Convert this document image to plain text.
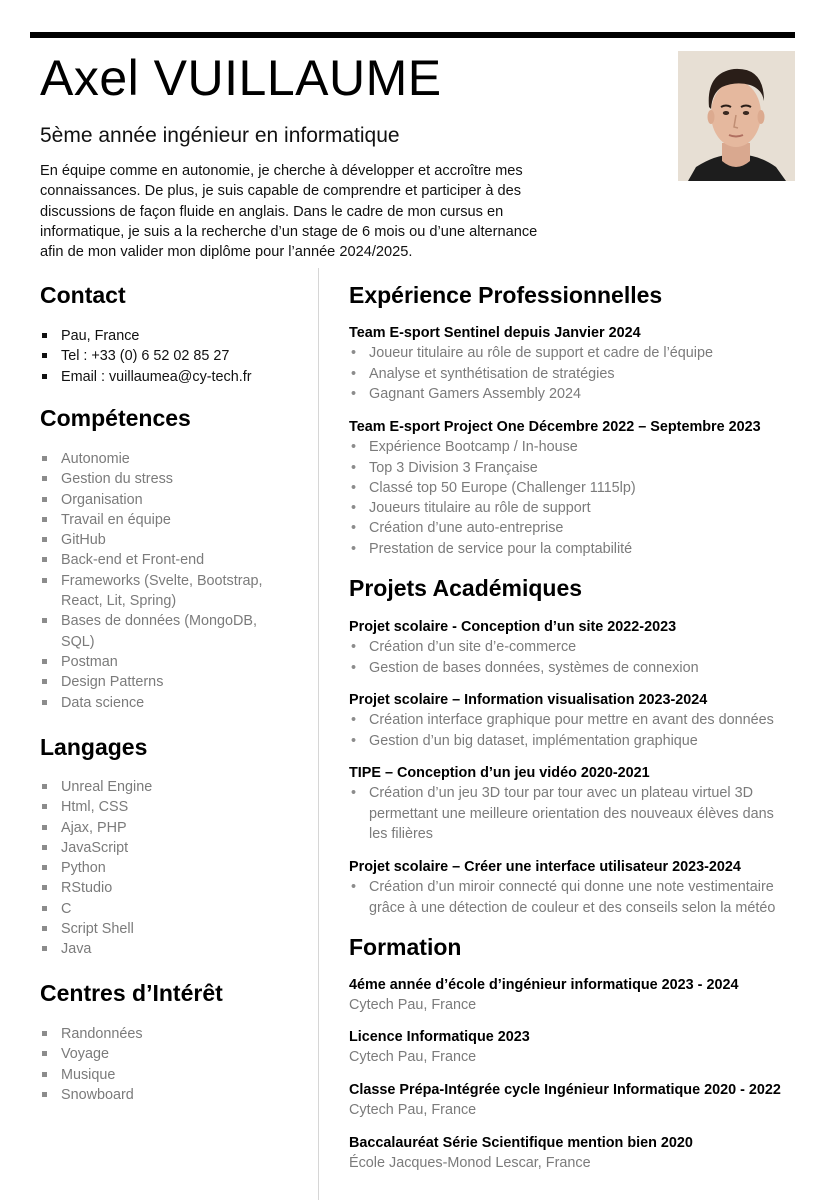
Axel VUILLAUME
5ème année ingénieur en informatique
En équipe comme en autonomie, je cherche à développer et accroître mes
connaissances. De plus, je suis capable de comprendre et participer à des
discussions de façon fluide en anglais. Dans le cadre de mon cursus en
informatique, je suis a la recherche d’un stage de 6 mois ou d’une alternance
afin de mon valider mon diplôme pour l’année 2024/2025.
Contact
Pau, France
Tel : +33 (0) 6 52 02 85 27
Email : vuillaumea@cy-tech.fr
Compétences
Autonomie
Gestion du stress
Organisation
Travail en équipe
GitHub
Back-end et Front-end
Frameworks (Svelte, Bootstrap,
React, Lit, Spring)
Bases de données (MongoDB,
SQL)
Postman
Design Patterns
Data science
Langages
Unreal Engine
Html, CSS
Ajax, PHP
JavaScript
Python
RStudio
C
Script Shell
Java
Centres d’Intérêt
Randonnées
Voyage
Musique
Snowboard
Expérience Professionnelles
Team E-sport Sentinel depuis Janvier 2024
• Joueur titulaire au rôle de support et cadre de l’équipe
• Analyse et synthétisation de stratégies
• Gagnant Gamers Assembly 2024
Team E-sport Project One Décembre 2022 – Septembre 2023
• Expérience Bootcamp / In-house
• Top 3 Division 3 Française
• Classé top 50 Europe (Challenger 1115lp)
• Joueurs titulaire au rôle de support
• Création d’une auto-entreprise
• Prestation de service pour la comptabilité
Projets Académiques
Projet scolaire - Conception d’un site 2022-2023
• Création d’un site d’e-commerce
• Gestion de bases données, systèmes de connexion
Projet scolaire – Information visualisation 2023-2024
• Création interface graphique pour mettre en avant des données
• Gestion d’un big dataset, implémentation graphique
TIPE – Conception d’un jeu vidéo 2020-2021
• Création d’un jeu 3D tour par tour avec un plateau virtuel 3D
permettant une meilleure orientation des nouveaux élèves dans
les filières
Projet scolaire – Créer une interface utilisateur 2023-2024
• Création d’un miroir connecté qui donne une note vestimentaire
grâce à une détection de couleur et des conseils selon la météo
Formation
4éme année d’école d’ingénieur informatique 2023 - 2024
Cytech Pau, France
Licence Informatique 2023
Cytech Pau, France
Classe Prépa-Intégrée cycle Ingénieur Informatique 2020 - 2022
Cytech Pau, France
Baccalauréat Série Scientifique mention bien 2020
École Jacques-Monod Lescar, France
